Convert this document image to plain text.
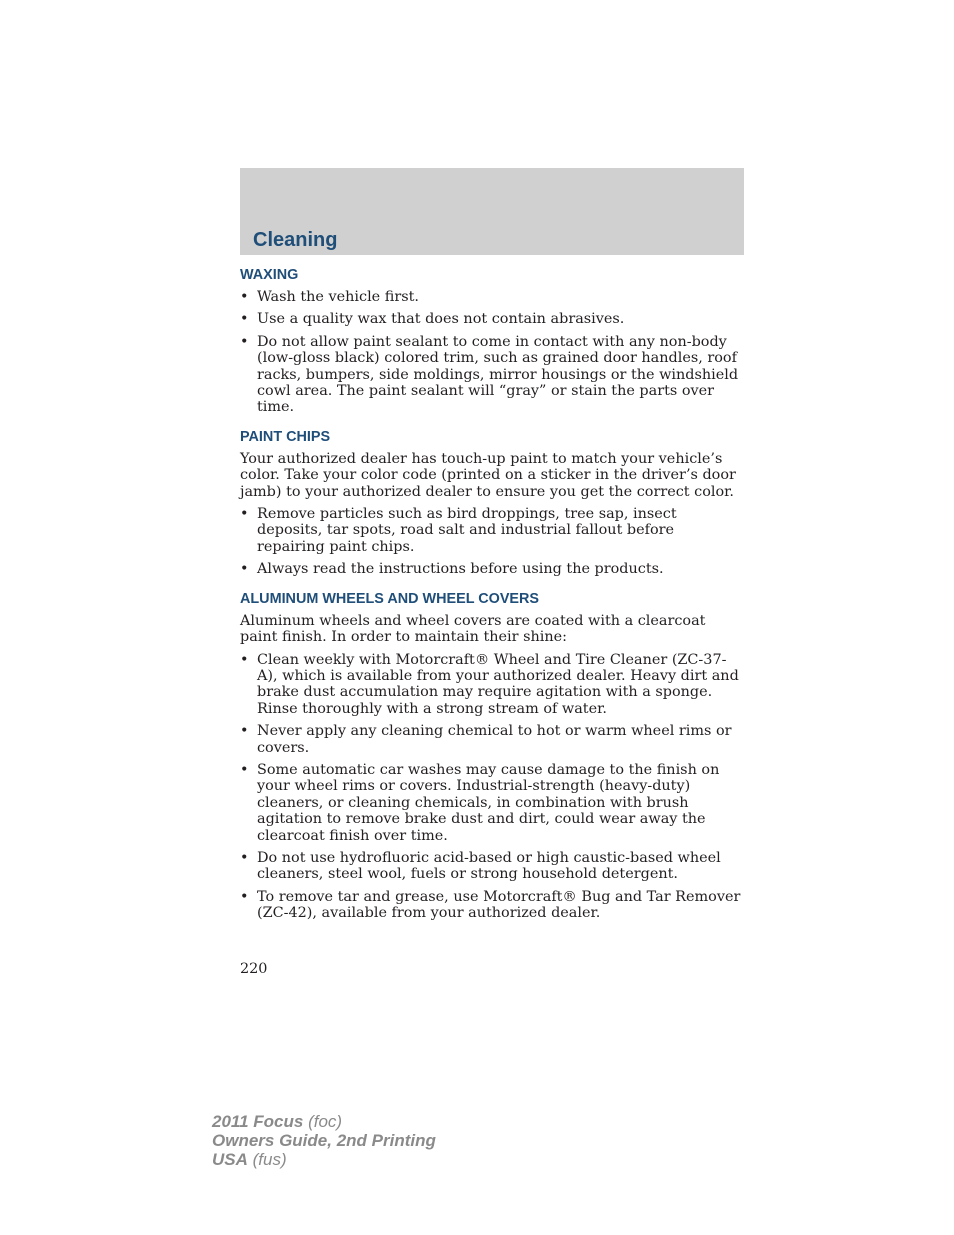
Cleaning
WAXING
• Wash the vehicle first.
• Use a quality wax that does not contain abrasives.
• Do not allow paint sealant to come in contact with any non-body (low-gloss black) colored trim, such as grained door handles, roof racks, bumpers, side moldings, mirror housings or the windshield cowl area. The paint sealant will “gray” or stain the parts over time.
PAINT CHIPS

Your authorized dealer has touch-up paint to match your vehicle’s color. Take your color code (printed on a sticker in the driver’s door jamb) to your authorized dealer to ensure you get the correct color.

• Remove particles such as bird droppings, tree sap, insect deposits, tar spots, road salt and industrial fallout before repairing paint chips.
• Always read the instructions before using the products.
ALUMINUM WHEELS AND WHEEL COVERS

Aluminum wheels and wheel covers are coated with a clearcoat paint finish. In order to maintain their shine:

• Clean weekly with Motorcraft® Wheel and Tire Cleaner (ZC-37-A), which is available from your authorized dealer. Heavy dirt and brake dust accumulation may require agitation with a sponge. Rinse thoroughly with a strong stream of water.
• Never apply any cleaning chemical to hot or warm wheel rims or covers.
• Some automatic car washes may cause damage to the finish on your wheel rims or covers. Industrial-strength (heavy-duty) cleaners, or cleaning chemicals, in combination with brush agitation to remove brake dust and dirt, could wear away the clearcoat finish over time.
• Do not use hydrofluoric acid-based or high caustic-based wheel cleaners, steel wool, fuels or strong household detergent.
• To remove tar and grease, use Motorcraft® Bug and Tar Remover (ZC-42), available from your authorized dealer.
220
2011 Focus (foc)
Owners Guide, 2nd Printing
USA (fus)
